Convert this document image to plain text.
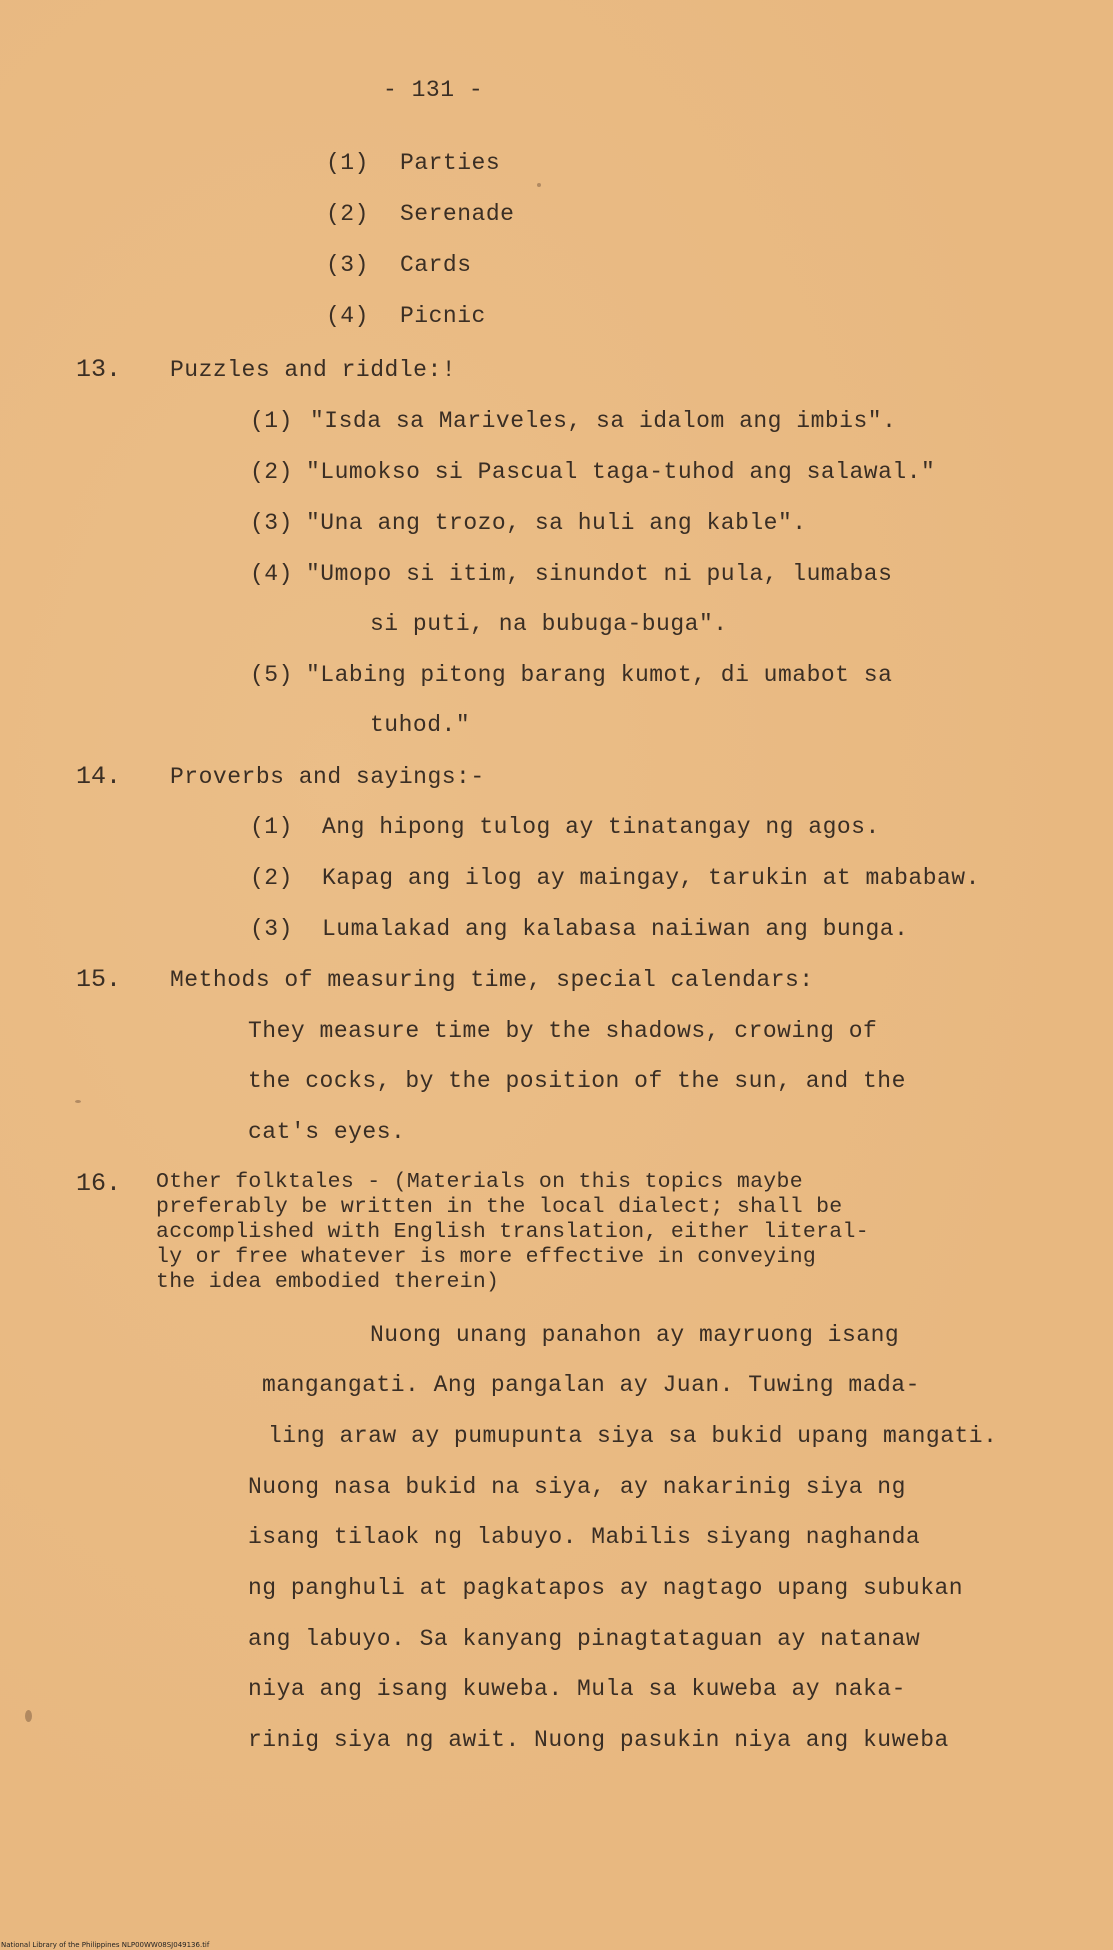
- 131 -
(1) Parties
(2) Serenade
(3) Cards
(4) Picnic
13. Puzzles and riddle:!
(1) "Isda sa Mariveles, sa idalom ang imbis".
(2) "Lumokso si Pascual taga-tuhod ang salawal."
(3) "Una ang trozo, sa huli ang kable".
(4) "Umopo si itim, sinundot ni pula, lumabas
si puti, na bubuga-buga".
(5) "Labing pitong barang kumot, di umabot sa
tuhod."
14. Proverbs and sayings:-
(1) Ang hipong tulog ay tinatangay ng agos.
(2) Kapag ang ilog ay maingay, tarukin at mababaw.
(3) Lumalakad ang kalabasa naiiwan ang bunga.
15. Methods of measuring time, special calendars:
They measure time by the shadows, crowing of
the cocks, by the position of the sun, and the
cat's eyes.
16. Other folktales - (Materials on this topics maybe
preferably be written in the local dialect; shall be
accomplished with English translation, either literal-
ly or free whatever is more effective in conveying
the idea embodied therein)
Nuong unang panahon ay mayruong isang
mangangati. Ang pangalan ay Juan. Tuwing mada-
ling araw ay pumupunta siya sa bukid upang mangati.
Nuong nasa bukid na siya, ay nakarinig siya ng
isang tilaok ng labuyo. Mabilis siyang naghanda
ng panghuli at pagkatapos ay nagtago upang subukan
ang labuyo. Sa kanyang pinagtataguan ay natanaw
niya ang isang kuweba. Mula sa kuweba ay naka-
rinig siya ng awit. Nuong pasukin niya ang kuweba
National Library of the Philippines NLP00WW08SJ049136.tif
